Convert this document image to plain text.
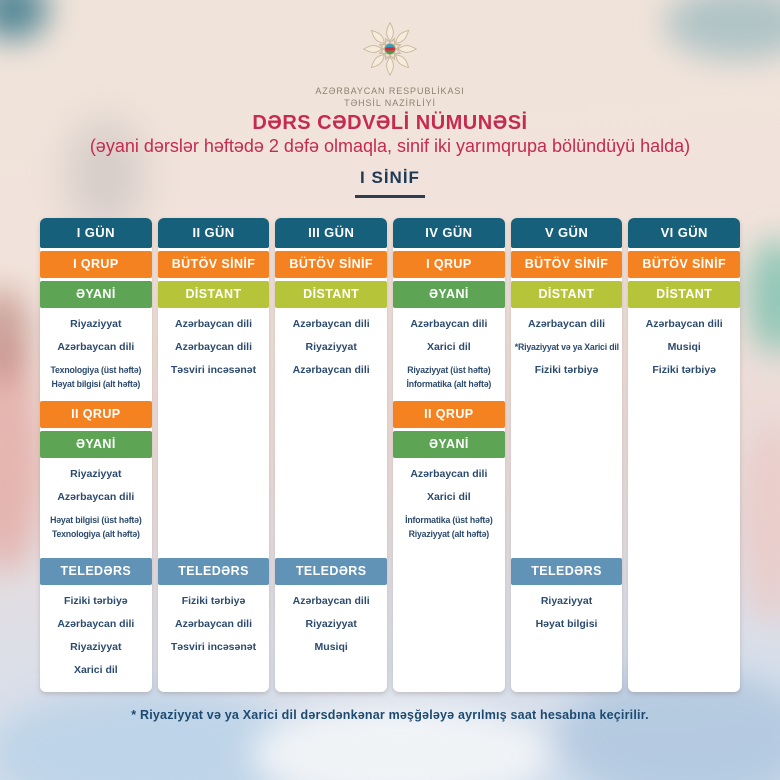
AZƏRBAYCAN RESPUBLİKASI
TƏHSİL NAZİRLİYİ
DƏRS CƏDVƏLİ NÜMUNƏSİ
(əyani dərslər həftədə 2 dəfə olmaqla, sinif iki yarımqrupa bölündüyü halda)
I SİNİF
I GÜN
I QRUP
ƏYANİ
Riyaziyyat
Azərbaycan dili
Texnologiya (üst həftə)
Həyat bilgisi (alt həftə)
II QRUP
ƏYANİ
Riyaziyyat
Azərbaycan dili
Həyat bilgisi (üst həftə)
Texnologiya (alt həftə)
TELEDƏRS
Fiziki tərbiyə
Azərbaycan dili
Riyaziyyat
Xarici dil
II GÜN
BÜTÖV SİNİF
DİSTANT
Azərbaycan dili
Azərbaycan dili
Təsviri incəsənət
TELEDƏRS
Fiziki tərbiyə
Azərbaycan dili
Təsviri incəsənət
III GÜN
BÜTÖV SİNİF
DİSTANT
Azərbaycan dili
Riyaziyyat
Azərbaycan dili
TELEDƏRS
Azərbaycan dili
Riyaziyyat
Musiqi
IV GÜN
I QRUP
ƏYANİ
Azərbaycan dili
Xarici dil
Riyaziyyat (üst həftə)
İnformatika (alt həftə)
II QRUP
ƏYANİ
Azərbaycan dili
Xarici dil
İnformatika (üst həftə)
Riyaziyyat (alt həftə)
V GÜN
BÜTÖV SİNİF
DİSTANT
Azərbaycan dili
*Riyaziyyat və ya Xarici dil
Fiziki tərbiyə
TELEDƏRS
Riyaziyyat
Həyat bilgisi
VI GÜN
BÜTÖV SİNİF
DİSTANT
Azərbaycan dili
Musiqi
Fiziki tərbiyə
* Riyaziyyat və ya Xarici dil dərsdənkənar məşğələyə ayrılmış saat hesabına keçirilir.
